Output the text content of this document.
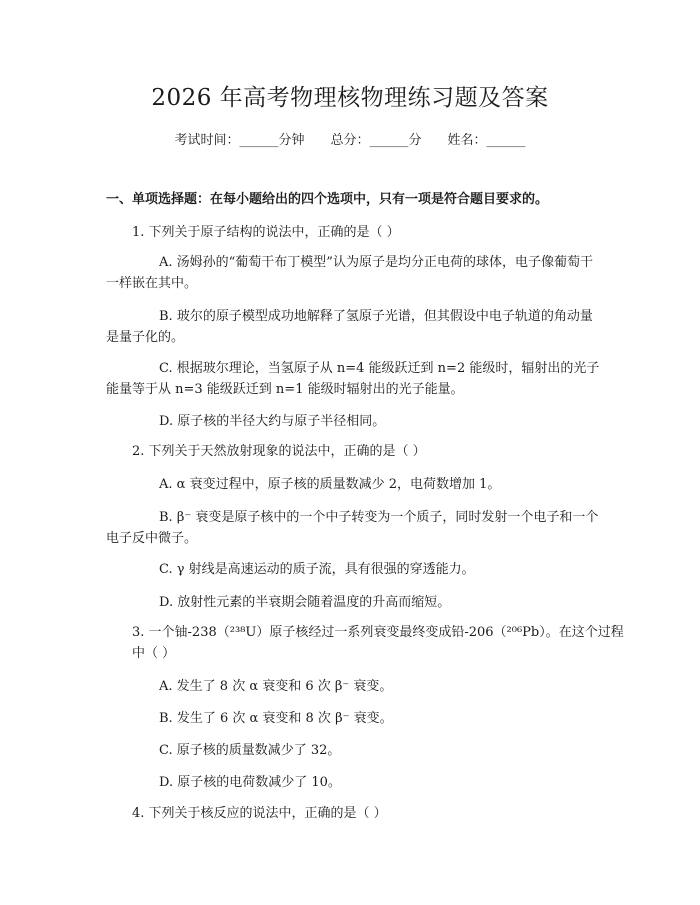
2026 年高考物理核物理练习题及答案
考试时间：______分钟 总分：______分 姓名：______
一、单项选择题：在每小题给出的四个选项中，只有一项是符合题目要求的。
1. 下列关于原子结构的说法中，正确的是（ ）
A. 汤姆孙的“葡萄干布丁模型”认为原子是均分正电荷的球体，电子像葡萄干一样嵌在其中。
B. 玻尔的原子模型成功地解释了氢原子光谱，但其假设中电子轨道的角动量是量子化的。
C. 根据玻尔理论，当氢原子从 n=4 能级跃迁到 n=2 能级时，辐射出的光子能量等于从 n=3 能级跃迁到 n=1 能级时辐射出的光子能量。
D. 原子核的半径大约与原子半径相同。
2. 下列关于天然放射现象的说法中，正确的是（ ）
A. α 衰变过程中，原子核的质量数减少 2，电荷数增加 1。
B. β⁻ 衰变是原子核中的一个中子转变为一个质子，同时发射一个电子和一个电子反中微子。
C. γ 射线是高速运动的质子流，具有很强的穿透能力。
D. 放射性元素的半衰期会随着温度的升高而缩短。
3. 一个铀-238（²³⁸U）原子核经过一系列衰变最终变成铅-206（²⁰⁶Pb）。在这个过程中（ ）
A. 发生了 8 次 α 衰变和 6 次 β⁻ 衰变。
B. 发生了 6 次 α 衰变和 8 次 β⁻ 衰变。
C. 原子核的质量数减少了 32。
D. 原子核的电荷数减少了 10。
4. 下列关于核反应的说法中，正确的是（ ）
